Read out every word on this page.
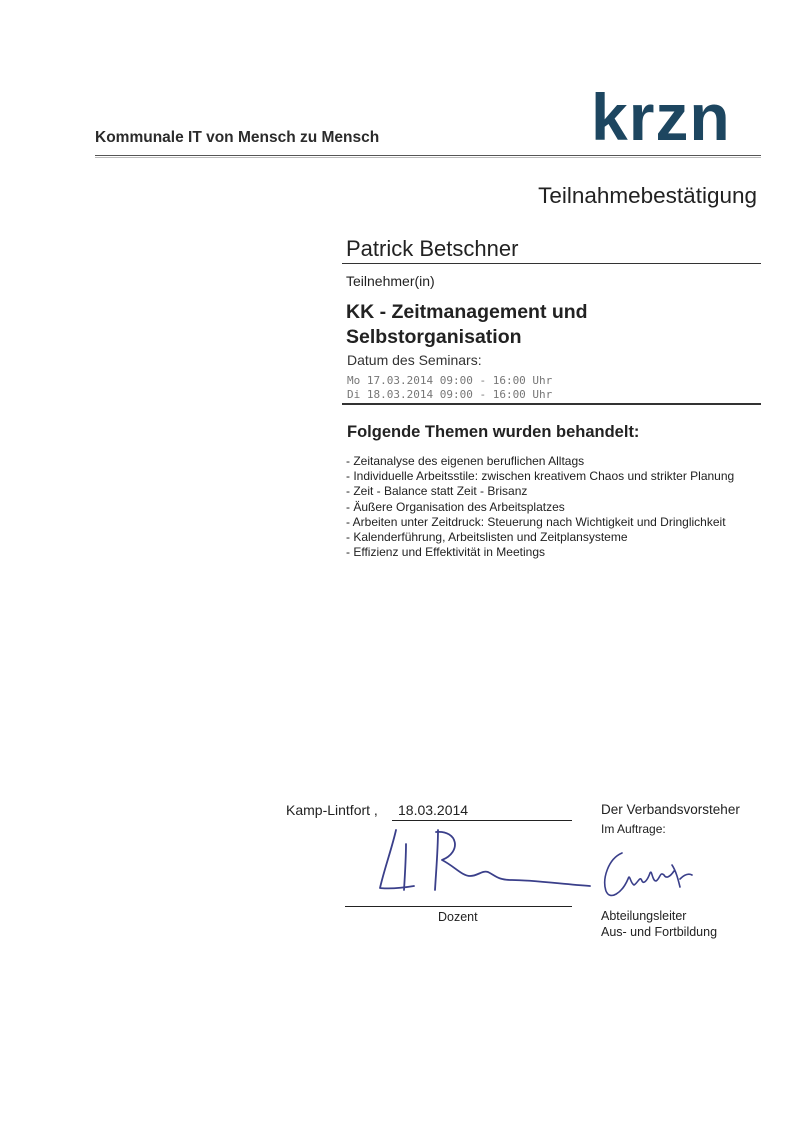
Kommunale IT von Mensch zu Mensch	krzn
Teilnahmebestätigung
Patrick Betschner
Teilnehmer(in)
KK - Zeitmanagement und Selbstorganisation
Datum des Seminars:
Mo 17.03.2014 09:00 - 16:00 Uhr
Di 18.03.2014 09:00 - 16:00 Uhr
Folgende Themen wurden behandelt:
- Zeitanalyse des eigenen beruflichen Alltags
- Individuelle Arbeitsstile: zwischen kreativem Chaos und strikter Planung
- Zeit - Balance statt Zeit - Brisanz
- Äußere Organisation des Arbeitsplatzes
- Arbeiten unter Zeitdruck: Steuerung nach Wichtigkeit und Dringlichkeit
- Kalenderführung, Arbeitslisten und Zeitplansysteme
- Effizienz und Effektivität in Meetings
Kamp-Lintfort , 18.03.2014
Dozent
Der Verbandsvorsteher
Im Auftrage:
Abteilungsleiter
Aus- und Fortbildung
